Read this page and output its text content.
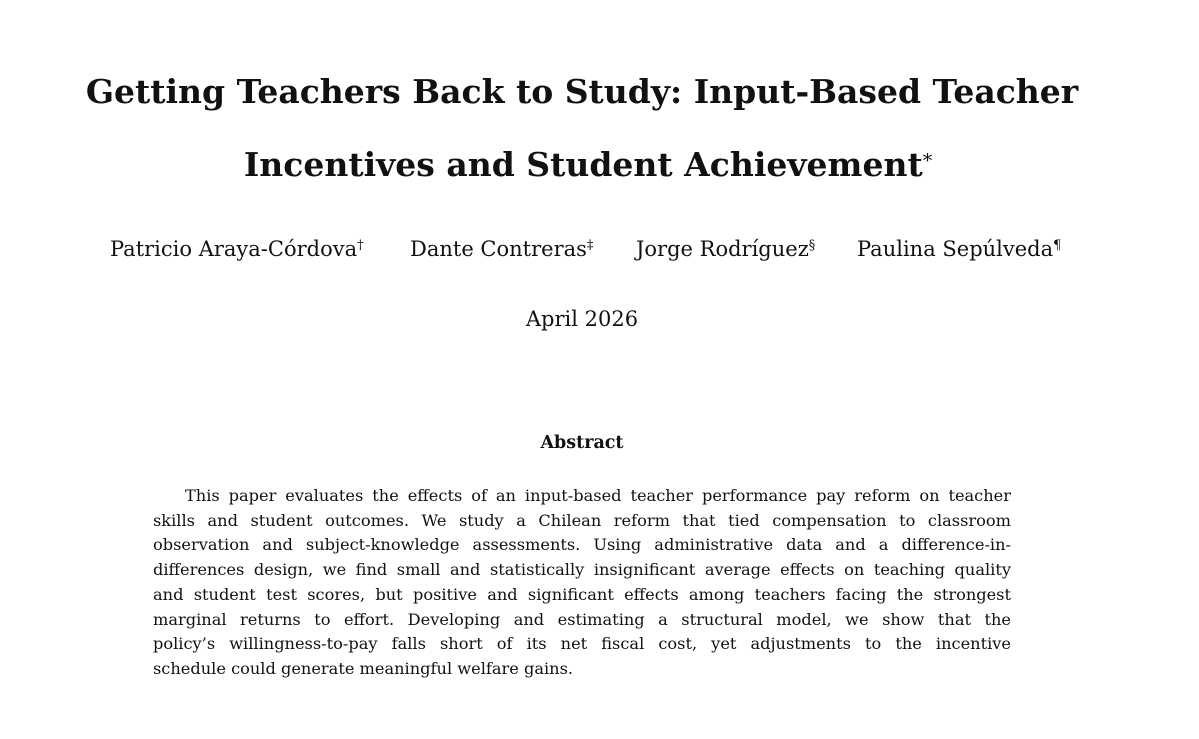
Getting Teachers Back to Study: Input-Based Teacher
Incentives and Student Achievement*
Patricio Araya-Córdova† Dante Contreras‡ Jorge Rodríguez§ Paulina Sepúlveda¶
April 2026
Abstract
This paper evaluates the effects of an input-based teacher performance pay reform on teacher
skills and student outcomes. We study a Chilean reform that tied compensation to classroom
observation and subject-knowledge assessments. Using administrative data and a difference-in-
differences design, we find small and statistically insignificant average effects on teaching quality
and student test scores, but positive and significant effects among teachers facing the strongest
marginal returns to effort. Developing and estimating a structural model, we show that the
policy’s willingness-to-pay falls short of its net fiscal cost, yet adjustments to the incentive
schedule could generate meaningful welfare gains.
